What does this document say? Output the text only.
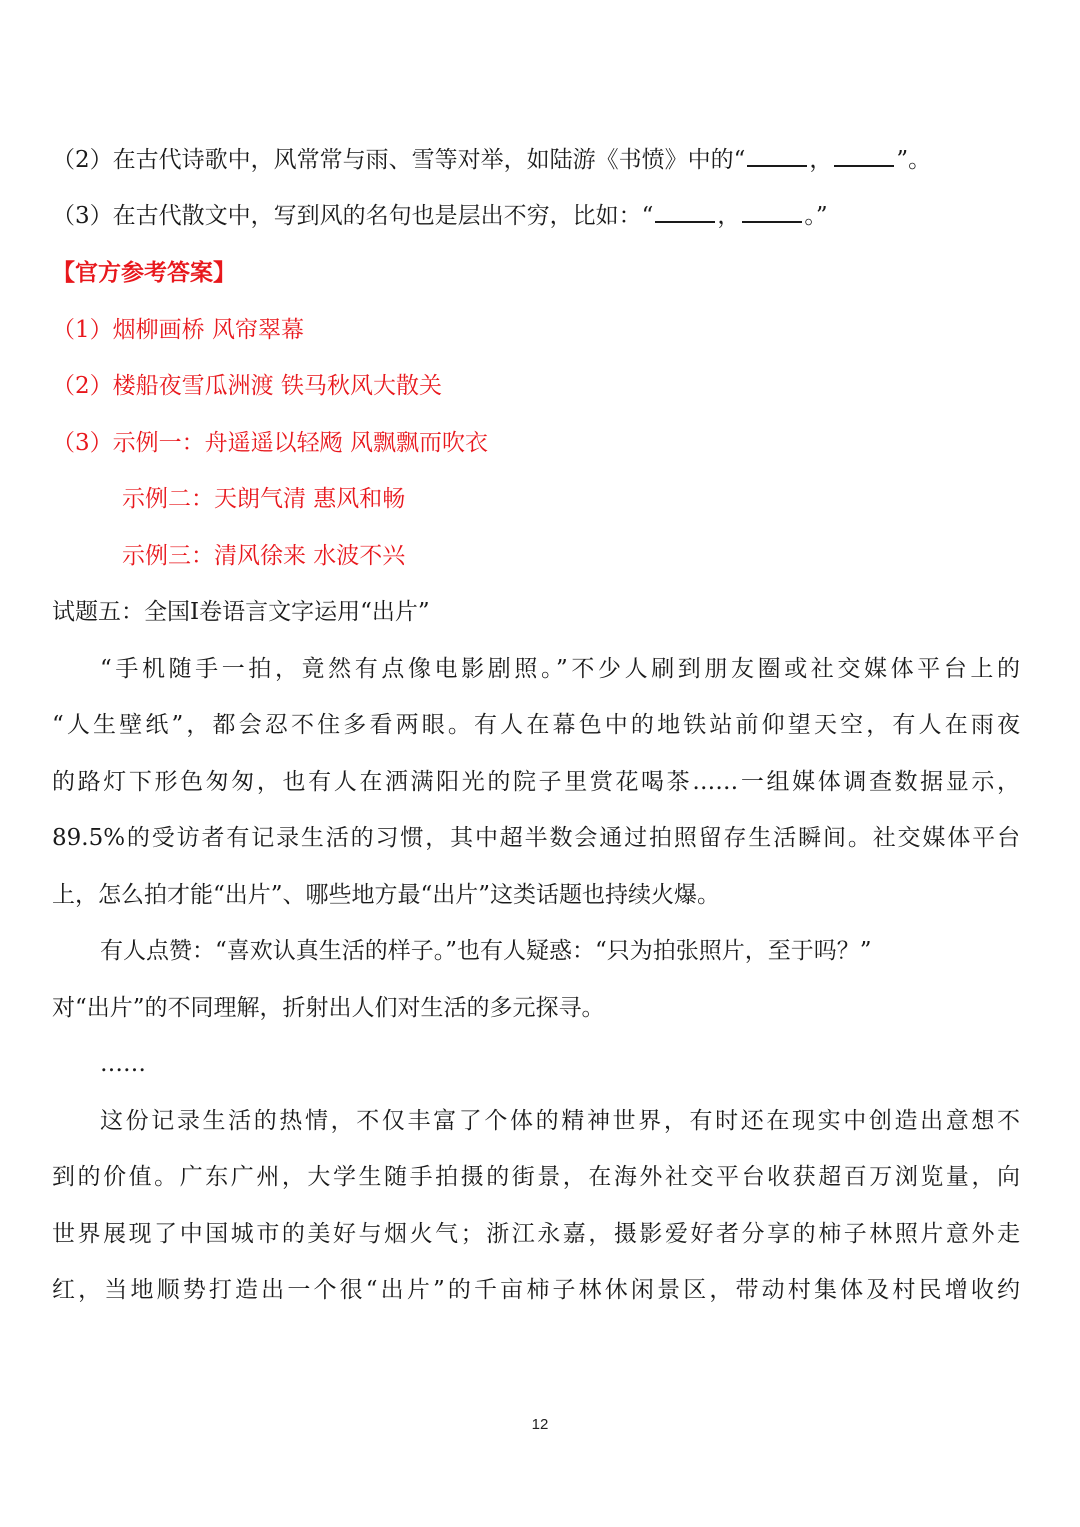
（2）在古代诗歌中，风常常与雨、雪等对举，如陆游《书愤》中的“	，	”。
（3）在古代散文中，写到风的名句也是层出不穷，比如：“	，	。”
【官方参考答案】
（1）烟柳画桥 风帘翠幕
（2）楼船夜雪瓜洲渡 铁马秋风大散关
（3）示例一：舟遥遥以轻飏 风飘飘而吹衣
示例二：天朗气清 惠风和畅
示例三：清风徐来 水波不兴
试题五：全国Ⅰ卷语言文字运用“出片”
“手机随手一拍，竟然有点像电影剧照。”不少人刷到朋友圈或社交媒体平台上的
“人生壁纸”，都会忍不住多看两眼。有人在幕色中的地铁站前仰望天空，有人在雨夜
的路灯下形色匆匆，也有人在洒满阳光的院子里赏花喝茶……一组媒体调查数据显示，
89.5%的受访者有记录生活的习惯，其中超半数会通过拍照留存生活瞬间。社交媒体平台
上，怎么拍才能“出片”、哪些地方最“出片”这类话题也持续火爆。
有人点赞：“喜欢认真生活的样子。”也有人疑惑：“只为拍张照片，至于吗？”
对“出片”的不同理解，折射出人们对生活的多元探寻。
……
这份记录生活的热情，不仅丰富了个体的精神世界，有时还在现实中创造出意想不
到的价值。广东广州，大学生随手拍摄的街景，在海外社交平台收获超百万浏览量，向
世界展现了中国城市的美好与烟火气；浙江永嘉，摄影爱好者分享的柿子林照片意外走
红，当地顺势打造出一个很“出片”的千亩柿子林休闲景区，带动村集体及村民增收约
12
